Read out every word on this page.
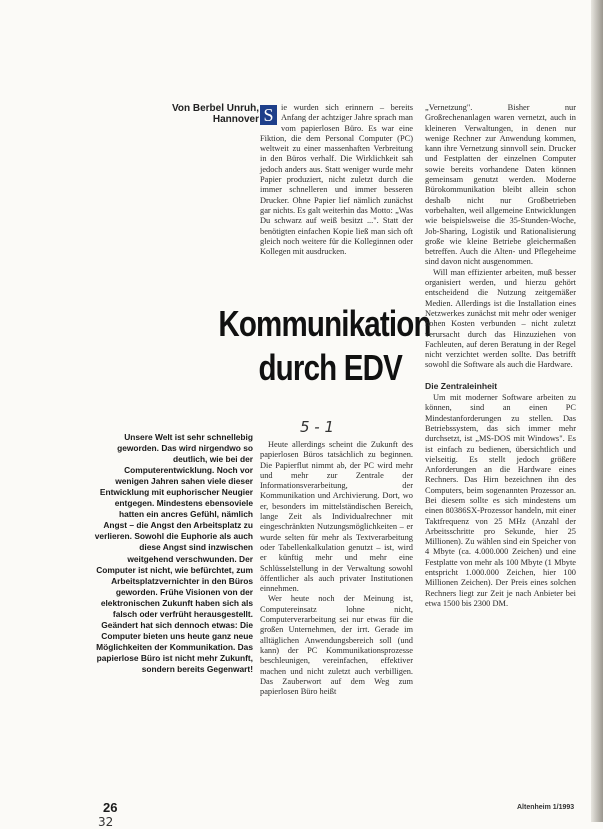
Von Berbel Unruh, Hannover S ie wurden sich erinnern – bereits Anfang der achtziger Jahre sprach man vom papierlosen Büro. Es war eine Fiktion, die dem Personal Computer (PC) weltweit zu einer massenhaften Verbreitung in den Büros verhalf. Die Wirklichkeit sah jedoch anders aus. Statt weniger wurde mehr Papier produziert, nicht zuletzt durch die immer schnelleren und immer besseren Drucker. Ohne Papier lief nämlich zunächst gar nichts. Es galt weiterhin das Motto: „Was Du schwarz auf weiß besitzt ...". Statt der benötigten einfachen Kopie ließ man sich oft gleich noch weitere für die Kolleginnen oder Kollegen mit ausdrucken.

Kommunikation
durch EDV
5 - 1
Unsere Welt ist sehr schnellebig geworden. Das wird nirgendwo so deutlich, wie bei der Computerentwicklung. Noch vor wenigen Jahren sahen viele dieser Entwicklung mit euphorischer Neugier entgegen. Mindestens ebensoviele hatten ein ancres Gefühl, nämlich Angst – die Angst den Arbeitsplatz zu verlieren. Sowohl die Euphorie als auch diese Angst sind inzwischen weitgehend verschwunden. Der Computer ist nicht, wie befürchtet, zum Arbeitsplatzvernichter in den Büros geworden. Frühe Visionen von der elektronischen Zukunft haben sich als falsch oder verfrüht herausgestellt. Geändert hat sich dennoch etwas: Die Computer bieten uns heute ganz neue Möglichkeiten der Kommunikation. Das papierlose Büro ist nicht mehr Zukunft, sondern bereits Gegenwart!

Heute allerdings scheint die Zukunft des papierlosen Büros tatsächlich zu beginnen. Die Papierflut nimmt ab, der PC wird mehr und mehr zur Zentrale der Informationsverarbeitung, der Kommunikation und Archivierung. Dort, wo er, besonders im mittelständischen Bereich, lange Zeit als Individualrechner mit eingeschränkten Nutzungsmöglichkeiten – er wurde selten für mehr als Textverarbeitung oder Tabellenkalkulation genutzt – ist, wird er künftig mehr und mehr eine Schlüsselstellung in der Verwaltung sowohl öffentlicher als auch privater Institutionen einnehmen.

Wer heute noch der Meinung ist, Computereinsatz lohne nicht, Computerverarbeitung sei nur etwas für die großen Unternehmen, der irrt. Gerade im alltäglichen Anwendungsbereich soll (und kann) der PC Kommunikationsprozesse beschleunigen, vereinfachen, effektiver machen und nicht zuletzt auch verbilligen. Das Zauberwort auf dem Weg zum papierlosen Büro heißt

„Vernetzung". Bisher nur Großrechenanlagen waren vernetzt, auch in kleineren Verwaltungen, in denen nur wenige Rechner zur Anwendung kommen, kann ihre Vernetzung sinnvoll sein. Drucker und Festplatten der einzelnen Computer sowie bereits vorhandene Daten können gemeinsam genutzt werden. Moderne Bürokommunikation bleibt allein schon deshalb nicht nur Großbetrieben vorbehalten, weil allgemeine Entwicklungen wie beispielsweise die 35-Stunden-Woche, Job-Sharing, Logistik und Rationalisierung große wie kleine Betriebe gleichermaßen betreffen. Auch die Alten- und Pflegeheime sind davon nicht ausgenommen.

Will man effizienter arbeiten, muß besser organisiert werden, und hierzu gehört entscheidend die Nutzung zeitgemäßer Medien. Allerdings ist die Installation eines Netzwerkes zunächst mit mehr oder weniger hohen Kosten verbunden – nicht zuletzt verursacht durch das Hinzuziehen von Fachleuten, auf deren Beratung in der Regel nicht verzichtet werden sollte. Das betrifft sowohl die Software als auch die Hardware.

Die Zentraleinheit

Um mit moderner Software arbeiten zu können, sind an einen PC Mindestanforderungen zu stellen. Das Betriebssystem, das sich immer mehr durchsetzt, ist „MS-DOS mit Windows". Es ist einfach zu bedienen, übersichtlich und vielseitig. Es stellt jedoch größere Anforderungen an die Hardware eines Rechners. Das Hirn bezeichnen ihn des Computers, beim sogenannten Prozessor an. Bei diesem sollte es sich mindestens um einen 80386SX-Prozessor handeln, mit einer Taktfrequenz von 25 MHz (Anzahl der Arbeitsschritte pro Sekunde, hier 25 Millionen). Zu wählen sind ein Speicher von 4 Mbyte (ca. 4.000.000 Zeichen) und eine Festplatte von mehr als 100 Mbyte (1 Mbyte entspricht 1.000.000 Zeichen, hier 100 Millionen Zeichen). Der Preis eines solchen Rechners liegt zur Zeit je nach Anbieter bei etwa 1500 bis 2300 DM.

26
32
Altenheim 1/1993
